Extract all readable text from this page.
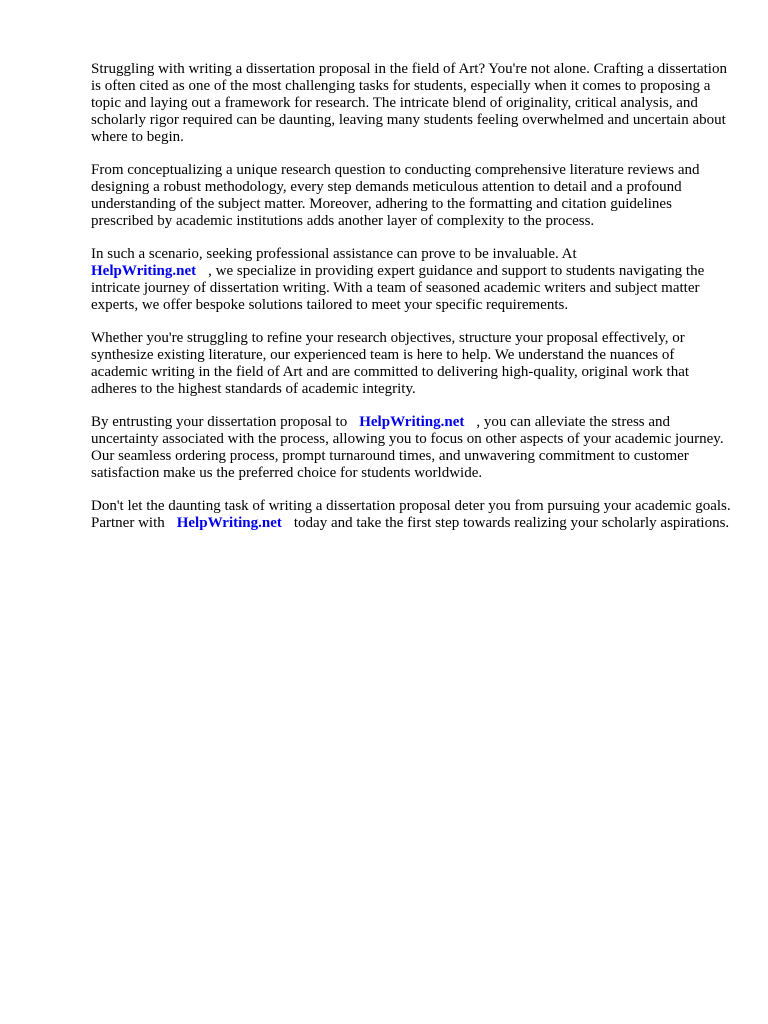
Struggling with writing a dissertation proposal in the field of Art? You're not alone. Crafting a dissertation is often cited as one of the most challenging tasks for students, especially when it comes to proposing a topic and laying out a framework for research. The intricate blend of originality, critical analysis, and scholarly rigor required can be daunting, leaving many students feeling overwhelmed and uncertain about where to begin.

From conceptualizing a unique research question to conducting comprehensive literature reviews and designing a robust methodology, every step demands meticulous attention to detail and a profound understanding of the subject matter. Moreover, adhering to the formatting and citation guidelines prescribed by academic institutions adds another layer of complexity to the process.

In such a scenario, seeking professional assistance can prove to be invaluable. At
HelpWriting.net , we specialize in providing expert guidance and support to students navigating the intricate journey of dissertation writing. With a team of seasoned academic writers and subject matter experts, we offer bespoke solutions tailored to meet your specific requirements.

Whether you're struggling to refine your research objectives, structure your proposal effectively, or synthesize existing literature, our experienced team is here to help. We understand the nuances of academic writing in the field of Art and are committed to delivering high-quality, original work that adheres to the highest standards of academic integrity.

By entrusting your dissertation proposal to HelpWriting.net , you can alleviate the stress and uncertainty associated with the process, allowing you to focus on other aspects of your academic journey. Our seamless ordering process, prompt turnaround times, and unwavering commitment to customer satisfaction make us the preferred choice for students worldwide.

Don't let the daunting task of writing a dissertation proposal deter you from pursuing your academic goals. Partner with HelpWriting.net today and take the first step towards realizing your scholarly aspirations.
